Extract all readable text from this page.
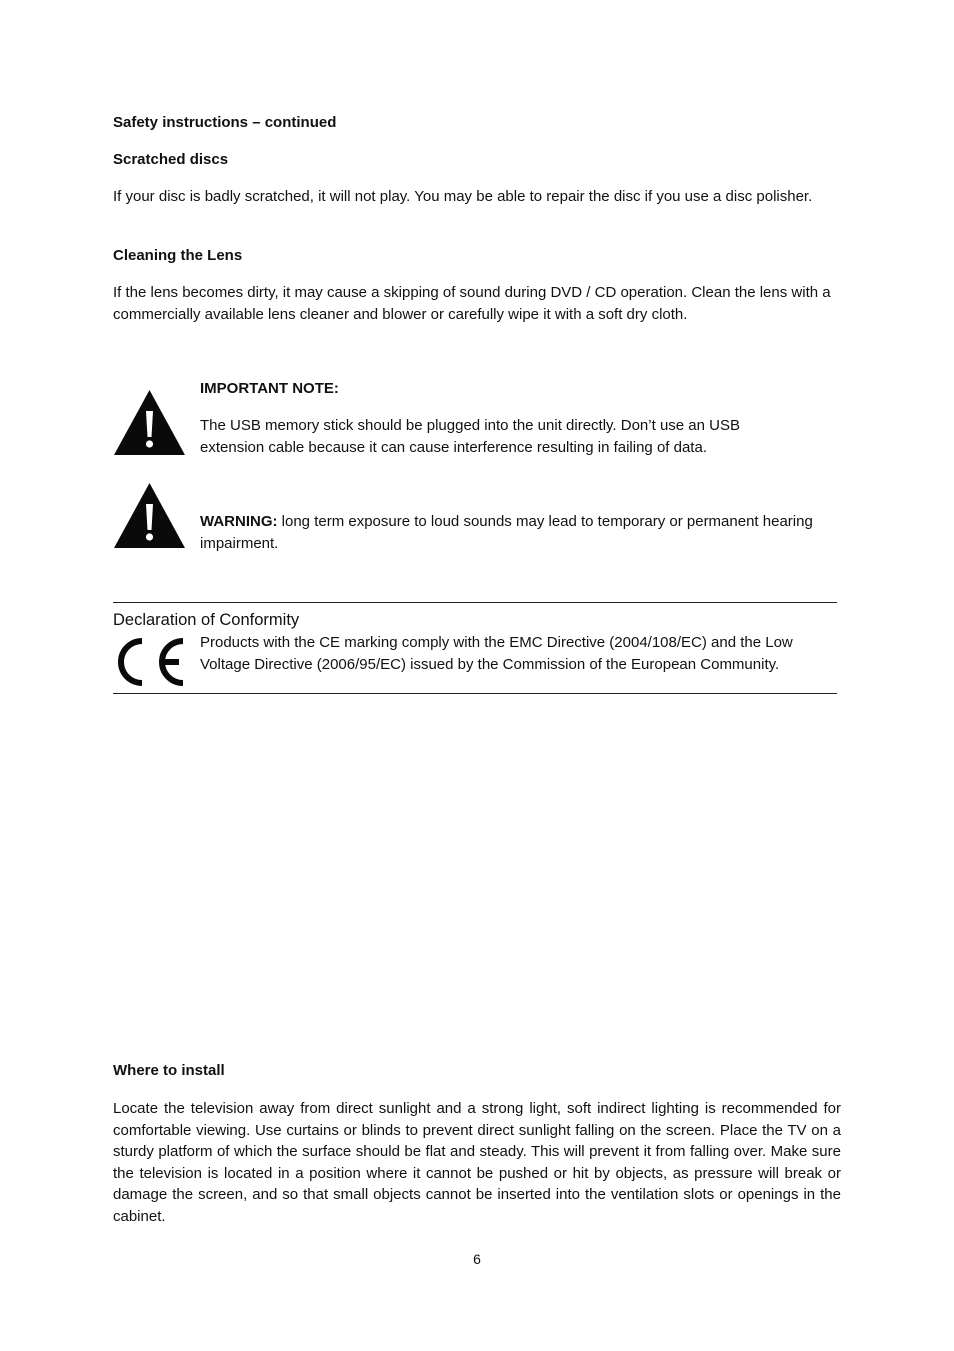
Safety instructions – continued
Scratched discs
If your disc is badly scratched, it will not play. You may be able to repair the disc if you use a disc polisher.
Cleaning the Lens
If the lens becomes dirty, it may cause a skipping of sound during DVD / CD operation. Clean the lens with a commercially available lens cleaner and blower or carefully wipe it with a soft dry cloth.
IMPORTANT NOTE:
The USB memory stick should be plugged into the unit directly. Don’t use an USB extension cable because it can cause interference resulting in failing of data.
WARNING: long term exposure to loud sounds may lead to temporary or permanent hearing impairment.
Declaration of Conformity
Products with the CE marking comply with the EMC Directive (2004/108/EC) and the Low Voltage Directive (2006/95/EC) issued by the Commission of the European Community.
Where to install
Locate the television away from direct sunlight and a strong light, soft indirect lighting is recommended for comfortable viewing. Use curtains or blinds to prevent direct sunlight falling on the screen. Place the TV on a sturdy platform of which the surface should be flat and steady. This will prevent it from falling over. Make sure the television is located in a position where it cannot be pushed or hit by objects, as pressure will break or damage the screen, and so that small objects cannot be inserted into the ventilation slots or openings in the cabinet.
6
